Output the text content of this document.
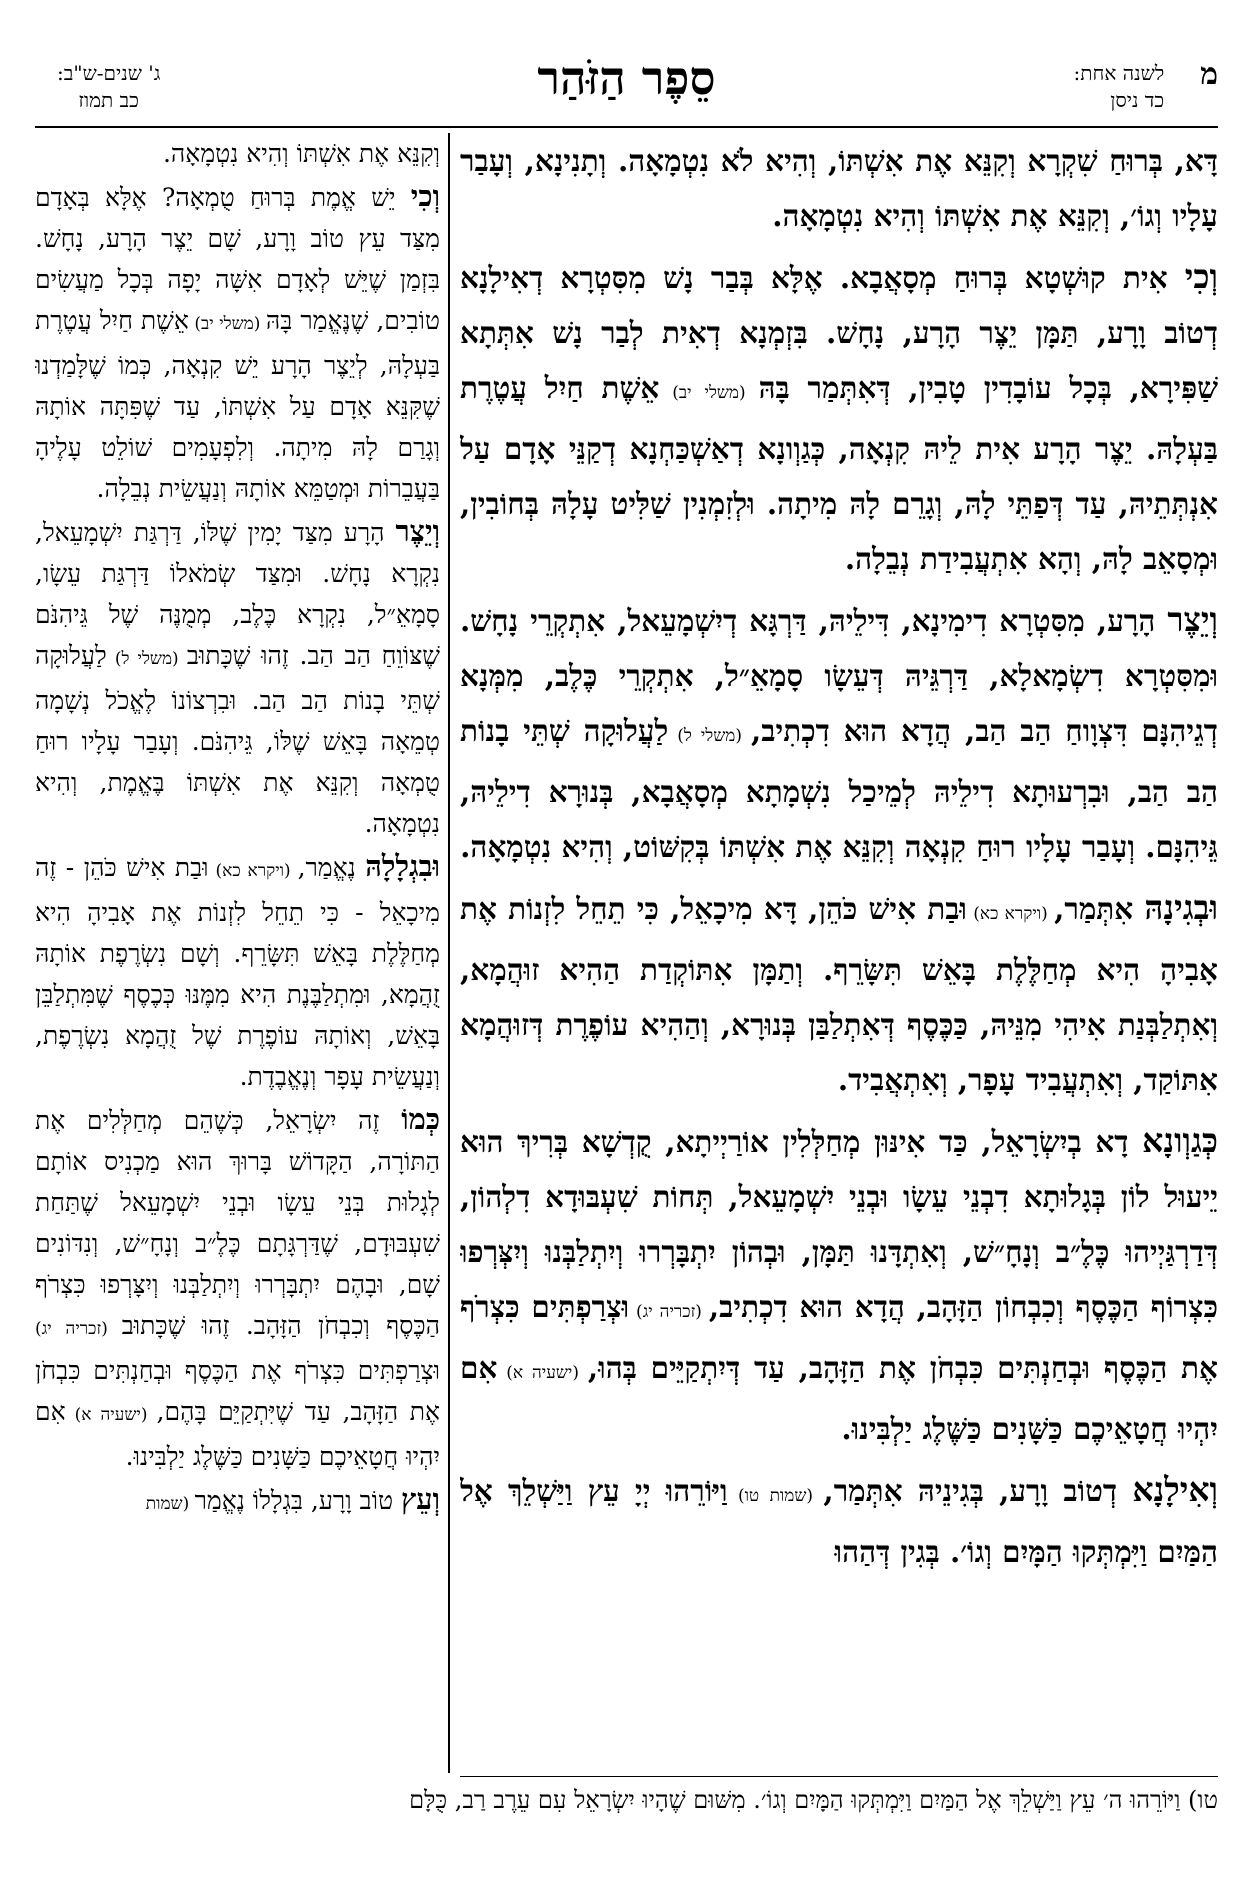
מ
לשנה אחת:
כד ניסן
סֵפֶר הַזֹּהַר
ג' שנים-ש"ב:
כב תמוז

דָּא, בְּרוּחַ שִׁקְרָא וְקִנֵּא אֶת אִשְׁתּוֹ, וְהִיא לֹא נִטְמָאָה. וְתָנִינָא, וְעָבַר עָלָיו וְגוֹ׳, וְקִנֵּא אֶת אִשְׁתּוֹ וְהִיא נִטְמָאָה.

וְכִי אִית קוּשְׁטָא בְּרוּחַ מְסָאֲבָא. אֶלָּא בְּבַר נָשׁ מִסִּטְרָא דְאִילָנָא דְטוֹב וָרָע, תַּמָּן יֵצֶר הָרָע, נָחָשׁ. בִּזְמְנָא דְאִית לְבַר נָשׁ אִתְּתָא שַׁפִּירָא, בְּכָל עוֹבָדִין טָבִין, דְּאִתְּמַר בָּהּ (משלי יב) אֵשֶׁת חַיִל עֲטֶרֶת בַּעְלָהּ. יֵצֶר הָרָע אִית לֵיהּ קִנְאָה, כְּגַוְונָא דְאַשְׁכַּחְנָא דְקַנֵּי אָדָם עַל אִנְתְּתֵיהּ, עַד דְּפַתֵּי לָהּ, וְגָרֵם לָהּ מִיתָה. וּלְזִמְנִין שַׁלִּיט עָלָהּ בְּחוֹבִין, וּמְסָאֵב לָהּ, וְהָא אִתְעֲבִידַת נְבֵלָה.

וְיֵצֶר הָרָע, מִסִּטְרָא דִימִינָא, דִּילֵיהּ, דַּרְגָּא דְיִשְׁמָעֵאל, אִתְקְרֵי נָחָשׁ. וּמִסִּטְרָא דִשְׂמָאלָא, דַּרְגֵּיהּ דְּעֵשָׂו סָמָאֵ״ל, אִתְקְרֵי כֶּלֶב, מִמְּנָא דְגֵיהִנָּם דִּצְוָוחַ הַב הַב, הֲדָא הוּא דִכְתִיב, (משלי ל) לַעֲלוּקָה שְׁתֵּי בָנוֹת הַב הַב, וּבִרְעוּתָא דִילֵיהּ לְמֵיכַל נִשְׁמָתָא מְסָאֲבָא, בְּנוּרָא דִילֵיהּ, גֵּיהִנָּם. וְעָבַר עָלָיו רוּחַ קִנְאָה וְקִנֵּא אֶת אִשְׁתּוֹ בְּקִשּׁוֹט, וְהִיא נִטְמָאָה.

וּבְגִינָהּ אִתְּמַר, (ויקרא כא) וּבַת אִישׁ כֹּהֵן, דָּא מִיכָאֵל, כִּי תֵחֵל לִזְנוֹת אֶת אָבִיהָ הִיא מְחַלֶּלֶת בָּאֵשׁ תִּשָּׂרֵף. וְתַמָּן אִתּוֹקְדַת הַהִיא זוּהֲמָא, וְאִתְלַבְּנַת אִיהִי מִנֵּיהּ, כַּכֶּסֶף דְּאִתְלַבַּן בְּנוּרָא, וְהַהִיא עוֹפֶרֶת דְּזוּהֲמָא אִתּוֹקַד, וְאִתְעֲבִיד עָפָר, וְאִתְאֲבִיד.

כְּגַוְונָא דָא בְיִשְׂרָאֵל, כַּד אִינּוּן מְחַלְּלִין אוֹרַיְיתָא, קֻדְשָׁא בְּרִיךְ הוּא יֵיעוּל לוֹן בְּגָלוּתָא דִבְנֵי עֵשָׂו וּבְנֵי יִשְׁמָעֵאל, תְּחוֹת שִׁעְבּוּדָא דִלְהוֹן, דְּדַרְגַּיְיהוּ כֶּלֶ״ב וְנָחָ״שׁ, וְאִתְדָּנוּ תַּמָּן, וּבְהוֹן יִתְבָּרְרוּ וְיִתְלַבְּנוּ וְיִצְּרְפוּ כִּצְרוֹף הַכֶּסֶף וְכִבְחוֹן הַזָּהָב, הֲדָא הוּא דִכְתִיב, (זכריה יג) וּצְרַפְתִּים כִּצְרֹף אֶת הַכֶּסֶף וּבְחַנְתִּים כִּבְחֹן אֶת הַזָּהָב, עַד דְּיִתְקַיֵּים בְּהוּ, (ישעיה א) אִם יִהְיוּ חֲטָאֵיכֶם כַּשָּׁנִים כַּשֶּׁלֶג יַלְבִּינוּ.

וְאִילָנָא דְטוֹב וָרָע, בְּגִינֵיהּ אִתְּמַר, (שמות טו) וַיּוֹרֵהוּ יְיָ עֵץ וַיַּשְׁלֵךְ אֶל הַמַּיִם וַיִּמְתְּקוּ הַמָּיִם וְגוֹ׳. בְּגִין דְּהַהוּ

וְקִנֵּא אֶת אִשְׁתּוֹ וְהִיא נִטְמָאָה.

וְכִי יֵשׁ אֱמֶת בְּרוּחַ טֻמְאָה? אֶלָּא בְּאָדָם מִצַּד עֵץ טוֹב וָרָע, שָׁם יֵצֶר הָרָע, נָחָשׁ. בִּזְמַן שֶׁיֵּשׁ לְאָדָם אִשָּׁה יָפָה בְּכָל מַעֲשִׂים טוֹבִים, שֶׁנֶּאֱמַר בָּהּ (משלי יב) אֵשֶׁת חַיִל עֲטֶרֶת בַּעְלָהּ, לְיֵצֶר הָרָע יֵשׁ קִנְאָה, כְּמוֹ שֶׁלָּמַדְנוּ שֶׁקִּנֵּא אָדָם עַל אִשְׁתּוֹ, עַד שֶׁפִּתָּה אוֹתָהּ וְגָרַם לָהּ מִיתָה. וְלִפְעָמִים שׁוֹלֵט עָלֶיהָ בַּעֲבֵרוֹת וּמְטַמֵּא אוֹתָהּ וְנַעֲשֵׂית נְבֵלָה.

וְיֵצֶר הָרָע מִצַּד יָמִין שֶׁלּוֹ, דַּרְגַּת יִשְׁמָעֵאל, נִקְרָא נָחָשׁ. וּמִצַּד שְׂמֹאלוֹ דַּרְגַּת עֵשָׂו, סָמָאֵ״ל, נִקְרָא כֶּלֶב, מְמֻנֶּה שֶׁל גֵּיהִנֹּם שֶׁצּוֹוֵחַ הַב הַב. זֶהוּ שֶׁכָּתוּב (משלי ל) לַעֲלוּקָה שְׁתֵּי בָנוֹת הַב הַב. וּבִרְצוֹנוֹ לֶאֱכֹל נְשָׁמָה טְמֵאָה בָּאֵשׁ שֶׁלּוֹ, גֵּיהִנֹּם. וְעָבַר עָלָיו רוּחַ טֻמְאָה וְקִנֵּא אֶת אִשְׁתּוֹ בֶּאֱמֶת, וְהִיא נִטְמָאָה.

וּבִגְלָלָהּ נֶאֱמַר, (ויקרא כא) וּבַת אִישׁ כֹּהֵן - זֶה מִיכָאֵל - כִּי תֵחֵל לִזְנוֹת אֶת אָבִיהָ הִיא מְחַלֶּלֶת בָּאֵשׁ תִּשָּׂרֵף. וְשָׁם נִשְׂרֶפֶת אוֹתָהּ זֻהֲמָא, וּמִתְלַבֶּנֶת הִיא מִמֶּנּוּ כְּכֶסֶף שֶׁמִּתְלַבֵּן בָּאֵשׁ, וְאוֹתָהּ עוֹפֶרֶת שֶׁל זֻהֲמָא נִשְׂרֶפֶת, וְנַעֲשֵׂית עָפָר וְנֶאֱבֶדֶת.

כְּמוֹ זֶה יִשְׂרָאֵל, כְּשֶׁהֵם מְחַלְּלִים אֶת הַתּוֹרָה, הַקָּדוֹשׁ בָּרוּךְ הוּא מַכְנִיס אוֹתָם לְגָלוּת בְּנֵי עֵשָׂו וּבְנֵי יִשְׁמָעֵאל שֶׁתַּחַת שִׁעְבּוּדָם, שֶׁדַּרְגָּתָם כֶּלֶ״ב וְנָחָ״שׁ, וְנִדּוֹנִים שָׁם, וּבָהֶם יִתְבָּרְרוּ וְיִתְלַבְּנוּ וְיִצָּרְפוּ כִּצְרֹף הַכֶּסֶף וְכִבְחֹן הַזָּהָב. זֶהוּ שֶׁכָּתוּב (זכריה יג) וּצְרַפְתִּים כִּצְרֹף אֶת הַכֶּסֶף וּבְחַנְתִּים כִּבְחֹן אֶת הַזָּהָב, עַד שֶׁיִּתְקַיֵּם בָּהֶם, (ישעיה א) אִם יִהְיוּ חֲטָאֵיכֶם כַּשָּׁנִים כַּשֶּׁלֶג יַלְבִּינוּ.

וְעֵץ טוֹב וָרָע, בִּגְלָלוֹ נֶאֱמַר (שמות

טו) וַיּוֹרֵהוּ ה׳ עֵץ וַיַּשְׁלֵךְ אֶל הַמַּיִם וַיִּמְתְּקוּ הַמָּיִם וְגוֹ׳. מִשּׁוּם שֶׁהָיוּ יִשְׂרָאֵל עִם עֵרֶב רַב, כֻּלָּם
